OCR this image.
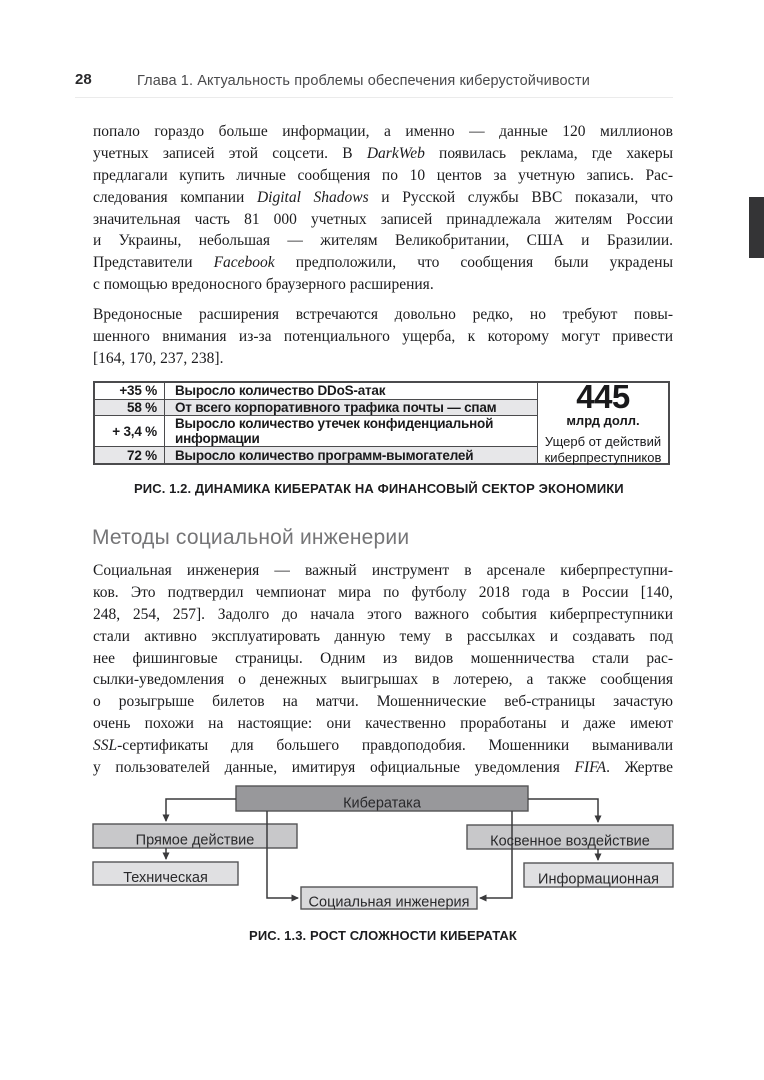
28	Глава 1. Актуальность проблемы обеспечения киберустойчивости
попало гораздо больше информации, а именно — данные 120 миллионов
учетных записей этой соцсети. В DarkWeb появилась реклама, где хакеры
предлагали купить личные сообщения по 10 центов за учетную запись. Рас-
следования компании Digital Shadows и Русской службы BBC показали, что
значительная часть 81 000 учетных записей принадлежала жителям России
и Украины, небольшая — жителям Великобритании, США и Бразилии.
Представители Facebook предположили, что сообщения были украдены
с помощью вредоносного браузерного расширения.
Вредоносные расширения встречаются довольно редко, но требуют повы-
шенного внимания из-за потенциального ущерба, к которому могут привести
[164, 170, 237, 238].
Социальная инженерия — важный инструмент в арсенале киберпреступни-
ков. Это подтвердил чемпионат мира по футболу 2018 года в России [140,
248, 254, 257]. Задолго до начала этого важного события киберпреступники
стали активно эксплуатировать данную тему в рассылках и создавать под
нее фишинговые страницы. Одним из видов мошенничества стали рас-
сылки-уведомления о денежных выигрышах в лотерею, а также сообщения
о розыгрыше билетов на матчи. Мошеннические веб-страницы зачастую
очень похожи на настоящие: они качественно проработаны и даже имеют
SSL-сертификаты для большего правдоподобия. Мошенники выманивали
у пользователей данные, имитируя официальные уведомления FIFA. Жертве
+35 %	Выросло количество DDoS-атак
58 %	От всего корпоративного трафика почты — спам
+ 3,4 %	Выросло количество утечек конфиденциальной информации
72 %	Выросло количество программ-вымогателей
445
млрд долл.
Ущерб от действий киберпреступников
РИС. 1.2. ДИНАМИКА КИБЕРАТАК НА ФИНАНСОВЫЙ СЕКТОР ЭКОНОМИКИ
Методы социальной инженерии
Кибератака
Прямое действие	Косвенное воздействие
Техническая	Информационная
Социальная инженерия
РИС. 1.3. РОСТ СЛОЖНОСТИ КИБЕРАТАК
